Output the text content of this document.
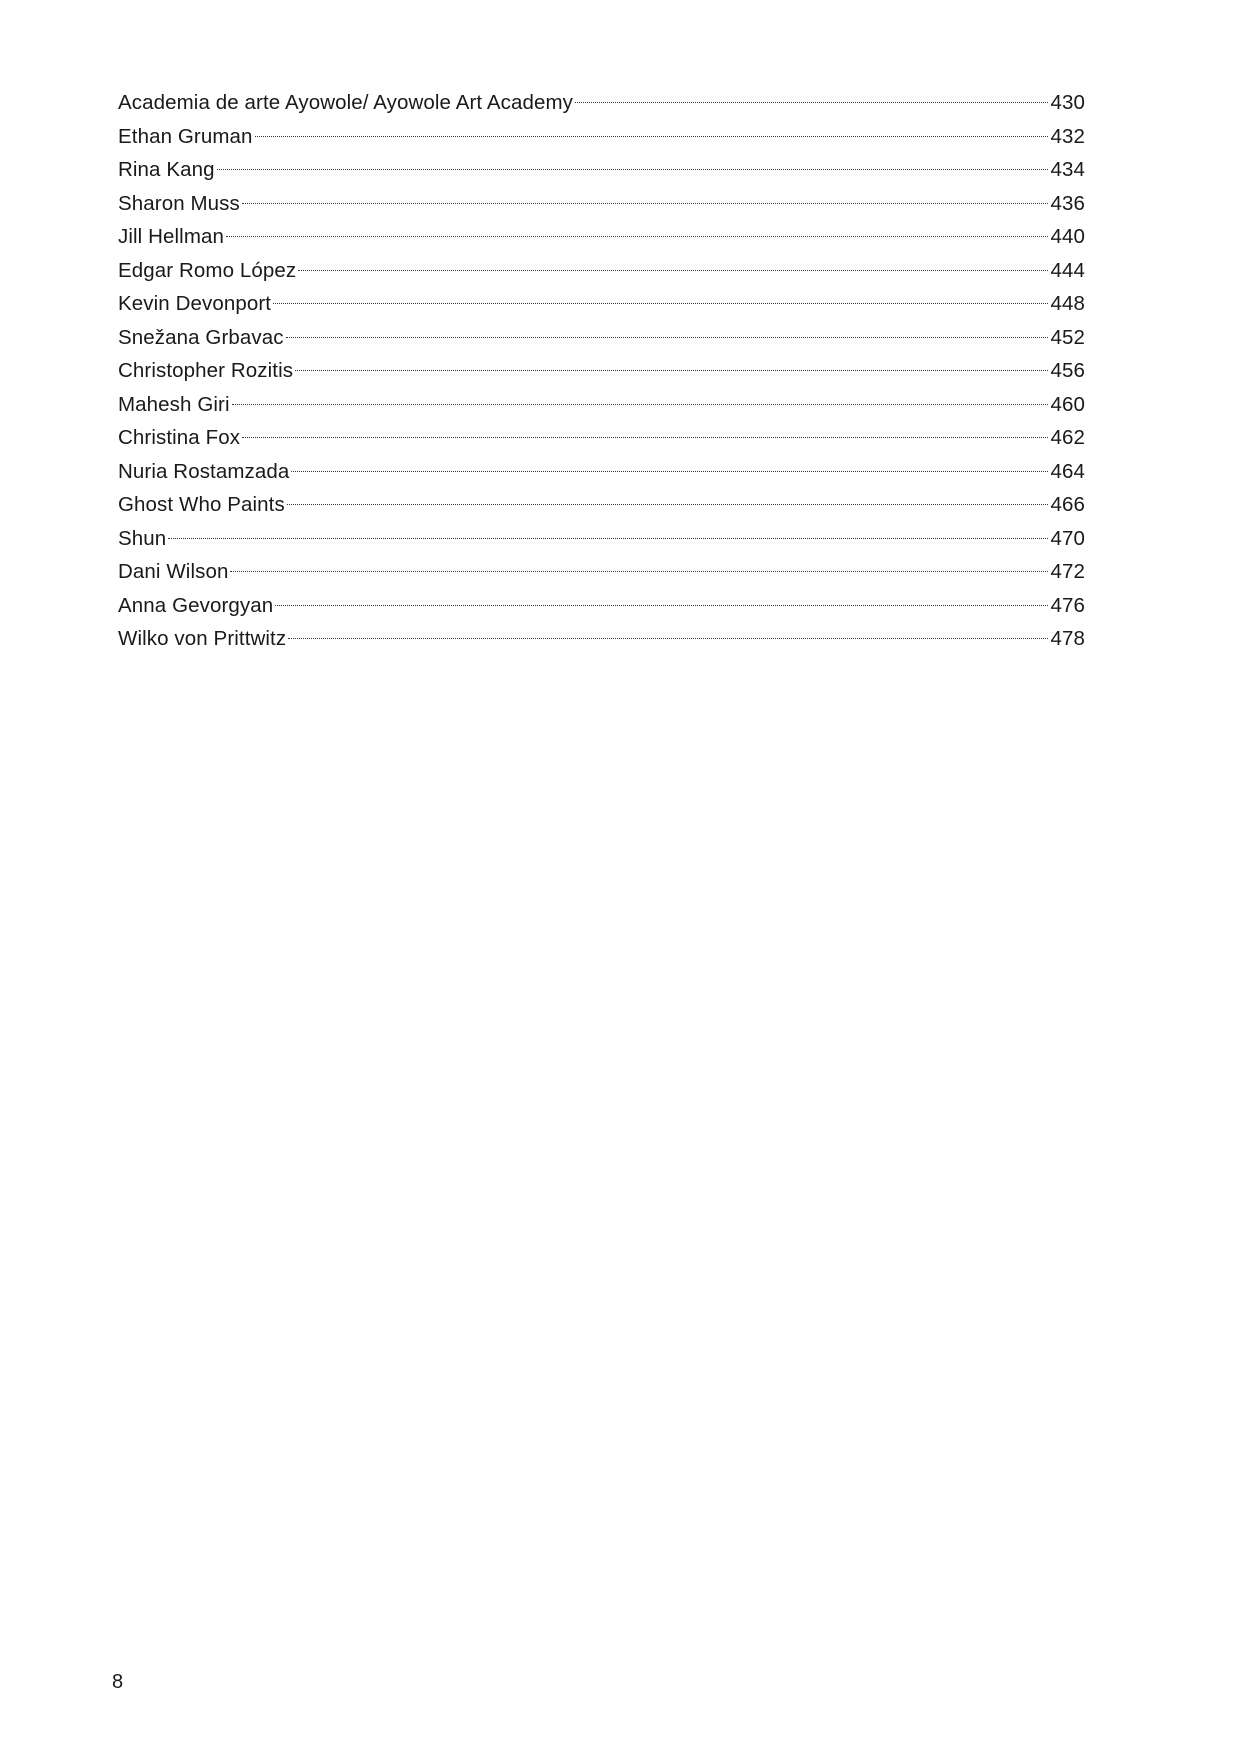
Academia de arte Ayowole/ Ayowole Art Academy	430
Ethan Gruman	432
Rina Kang	434
Sharon Muss	436
Jill Hellman	440
Edgar Romo López	444
Kevin Devonport	448
Snežana Grbavac	452
Christopher Rozitis	456
Mahesh Giri	460
Christina Fox	462
Nuria Rostamzada	464
Ghost Who Paints	466
Shun	470
Dani Wilson	472
Anna Gevorgyan	476
Wilko von Prittwitz	478
8
